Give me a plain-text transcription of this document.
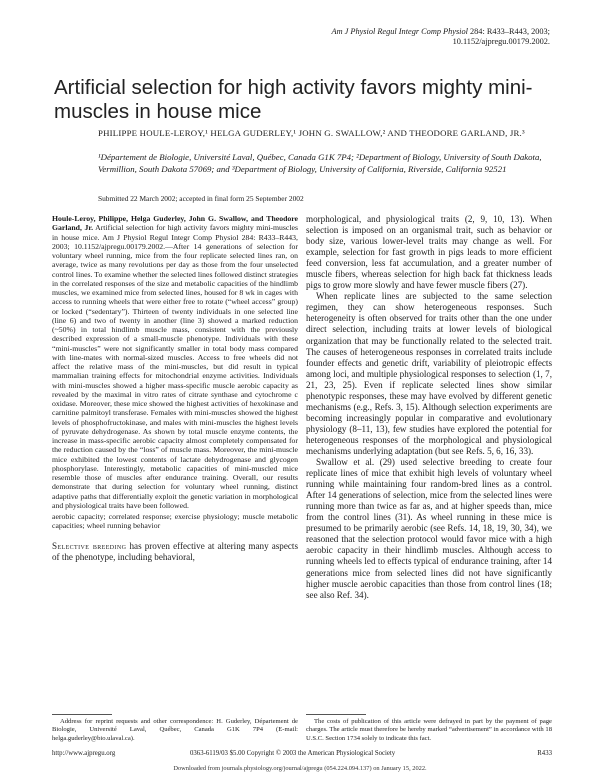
Am J Physiol Regul Integr Comp Physiol 284: R433–R443, 2003;
10.1152/ajpregu.00179.2002.
Artificial selection for high activity favors mighty mini-muscles in house mice
PHILIPPE HOULE-LEROY,¹ HELGA GUDERLEY,¹ JOHN G. SWALLOW,² AND THEODORE GARLAND, JR.³
¹Département de Biologie, Université Laval, Québec, Canada G1K 7P4; ²Department of Biology, University of South Dakota, Vermillion, South Dakota 57069; and ³Department of Biology, University of California, Riverside, California 92521
Submitted 22 March 2002; accepted in final form 25 September 2002

Houle-Leroy, Philippe, Helga Guderley, John G. Swallow, and Theodore Garland, Jr. Artificial selection for high activity favors mighty mini-muscles in house mice. Am J Physiol Regul Integr Comp Physiol 284: R433–R443, 2003; 10.1152/ajpregu.00179.2002.—After 14 generations of selection for voluntary wheel running, mice from the four replicate selected lines ran, on average, twice as many revolutions per day as those from the four unselected control lines. To examine whether the selected lines followed distinct strategies in the correlated responses of the size and metabolic capacities of the hindlimb muscles, we examined mice from selected lines, housed for 8 wk in cages with access to running wheels that were either free to rotate (“wheel access” group) or locked (“sedentary”). Thirteen of twenty individuals in one selected line (line 6) and two of twenty in another (line 3) showed a marked reduction (~50%) in total hindlimb muscle mass, consistent with the previously described expression of a small-muscle phenotype. Individuals with these “mini-muscles” were not significantly smaller in total body mass compared with line-mates with normal-sized muscles. Access to free wheels did not affect the relative mass of the mini-muscles, but did result in typical mammalian training effects for mitochondrial enzyme activities. Individuals with mini-muscles showed a higher mass-specific muscle aerobic capacity as revealed by the maximal in vitro rates of citrate synthase and cytochrome c oxidase. Moreover, these mice showed the highest activities of hexokinase and carnitine palmitoyl transferase. Females with mini-muscles showed the highest levels of phosphofructokinase, and males with mini-muscles the highest levels of pyruvate dehydrogenase. As shown by total muscle enzyme contents, the increase in mass-specific aerobic capacity almost completely compensated for the reduction caused by the “loss” of muscle mass. Moreover, the mini-muscle mice exhibited the lowest contents of lactate dehydrogenase and glycogen phosphorylase. Interestingly, metabolic capacities of mini-muscled mice resemble those of muscles after endurance training. Overall, our results demonstrate that during selection for voluntary wheel running, distinct adaptive paths that differentially exploit the genetic variation in morphological and physiological traits have been followed.

aerobic capacity; correlated response; exercise physiology; muscle metabolic capacities; wheel running behavior

Selective breeding has proven effective at altering many aspects of the phenotype, including behavioral,

morphological, and physiological traits (2, 9, 10, 13). When selection is imposed on an organismal trait, such as behavior or body size, various lower-level traits may change as well. For example, selection for fast growth in pigs leads to more efficient feed conversion, less fat accumulation, and a greater number of muscle fibers, whereas selection for high back fat thickness leads pigs to grow more slowly and have fewer muscle fibers (27).

When replicate lines are subjected to the same selection regimen, they can show heterogeneous responses. Such heterogeneity is often observed for traits other than the one under direct selection, including traits at lower levels of biological organization that may be functionally related to the selected trait. The causes of heterogeneous responses in correlated traits include founder effects and genetic drift, variability of pleiotropic effects among loci, and multiple physiological responses to selection (1, 7, 21, 23, 25). Even if replicate selected lines show similar phenotypic responses, these may have evolved by different genetic mechanisms (e.g., Refs. 3, 15). Although selection experiments are becoming increasingly popular in comparative and evolutionary physiology (8–11, 13), few studies have explored the potential for heterogeneous responses of the morphological and physiological mechanisms underlying adaptation (but see Refs. 5, 6, 16, 33).

Swallow et al. (29) used selective breeding to create four replicate lines of mice that exhibit high levels of voluntary wheel running while maintaining four random-bred lines as a control. After 14 generations of selection, mice from the selected lines were running more than twice as far as, and at higher speeds than, mice from the control lines (31). As wheel running in these mice is presumed to be primarily aerobic (see Refs. 14, 18, 19, 30, 34), we reasoned that the selection protocol would favor mice with a high aerobic capacity in their hindlimb muscles. Although access to running wheels led to effects typical of endurance training, after 14 generations mice from selected lines did not have significantly higher muscle aerobic capacities than those from control lines (18; see also Ref. 34).

Address for reprint requests and other correspondence: H. Guderley, Département de Biologie, Université Laval, Québec, Canada G1K 7P4 (E-mail: helga.guderley@bio.ulaval.ca).

The costs of publication of this article were defrayed in part by the payment of page charges. The article must therefore be hereby marked “advertisement” in accordance with 18 U.S.C. Section 1734 solely to indicate this fact.

http://www.ajpregu.org	0363-6119/03 $5.00 Copyright © 2003 the American Physiological Society	R433
Downloaded from journals.physiology.org/journal/ajpregu (054.224.094.137) on January 15, 2022.
